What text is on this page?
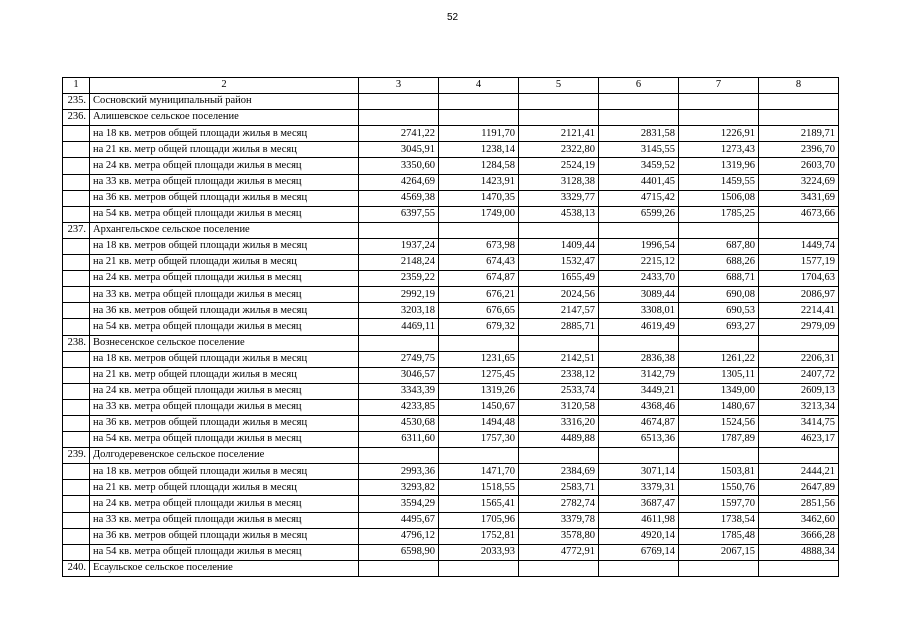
52
1	2	3	4	5	6	7	8
235.	Сосновский муниципальный район						
236.	Алишевское сельское поселение						
	на 18 кв. метров общей площади жилья в месяц	2741,22	1191,70	2121,41	2831,58	1226,91	2189,71
	на 21 кв. метр общей площади жилья в месяц	3045,91	1238,14	2322,80	3145,55	1273,43	2396,70
	на 24 кв. метра общей площади жилья в месяц	3350,60	1284,58	2524,19	3459,52	1319,96	2603,70
	на 33 кв. метра общей площади жилья в месяц	4264,69	1423,91	3128,38	4401,45	1459,55	3224,69
	на 36 кв. метров общей площади жилья в месяц	4569,38	1470,35	3329,77	4715,42	1506,08	3431,69
	на 54 кв. метра общей площади жилья в месяц	6397,55	1749,00	4538,13	6599,26	1785,25	4673,66
237.	Архангельское сельское поселение						
	на 18 кв. метров общей площади жилья в месяц	1937,24	673,98	1409,44	1996,54	687,80	1449,74
	на 21 кв. метр общей площади жилья в месяц	2148,24	674,43	1532,47	2215,12	688,26	1577,19
	на 24 кв. метра общей площади жилья в месяц	2359,22	674,87	1655,49	2433,70	688,71	1704,63
	на 33 кв. метра общей площади жилья в месяц	2992,19	676,21	2024,56	3089,44	690,08	2086,97
	на 36 кв. метров общей площади жилья в месяц	3203,18	676,65	2147,57	3308,01	690,53	2214,41
	на 54 кв. метра общей площади жилья в месяц	4469,11	679,32	2885,71	4619,49	693,27	2979,09
238.	Вознесенское сельское поселение						
	на 18 кв. метров общей площади жилья в месяц	2749,75	1231,65	2142,51	2836,38	1261,22	2206,31
	на 21 кв. метр общей площади жилья в месяц	3046,57	1275,45	2338,12	3142,79	1305,11	2407,72
	на 24 кв. метра общей площади жилья в месяц	3343,39	1319,26	2533,74	3449,21	1349,00	2609,13
	на 33 кв. метра общей площади жилья в месяц	4233,85	1450,67	3120,58	4368,46	1480,67	3213,34
	на 36 кв. метров общей площади жилья в месяц	4530,68	1494,48	3316,20	4674,87	1524,56	3414,75
	на 54 кв. метра общей площади жилья в месяц	6311,60	1757,30	4489,88	6513,36	1787,89	4623,17
239.	Долгодеревенское сельское поселение						
	на 18 кв. метров общей площади жилья в месяц	2993,36	1471,70	2384,69	3071,14	1503,81	2444,21
	на 21 кв. метр общей площади жилья в месяц	3293,82	1518,55	2583,71	3379,31	1550,76	2647,89
	на 24 кв. метра общей площади жилья в месяц	3594,29	1565,41	2782,74	3687,47	1597,70	2851,56
	на 33 кв. метра общей площади жилья в месяц	4495,67	1705,96	3379,78	4611,98	1738,54	3462,60
	на 36 кв. метров общей площади жилья в месяц	4796,12	1752,81	3578,80	4920,14	1785,48	3666,28
	на 54 кв. метра общей площади жилья в месяц	6598,90	2033,93	4772,91	6769,14	2067,15	4888,34
240.	Есаульское сельское поселение						
